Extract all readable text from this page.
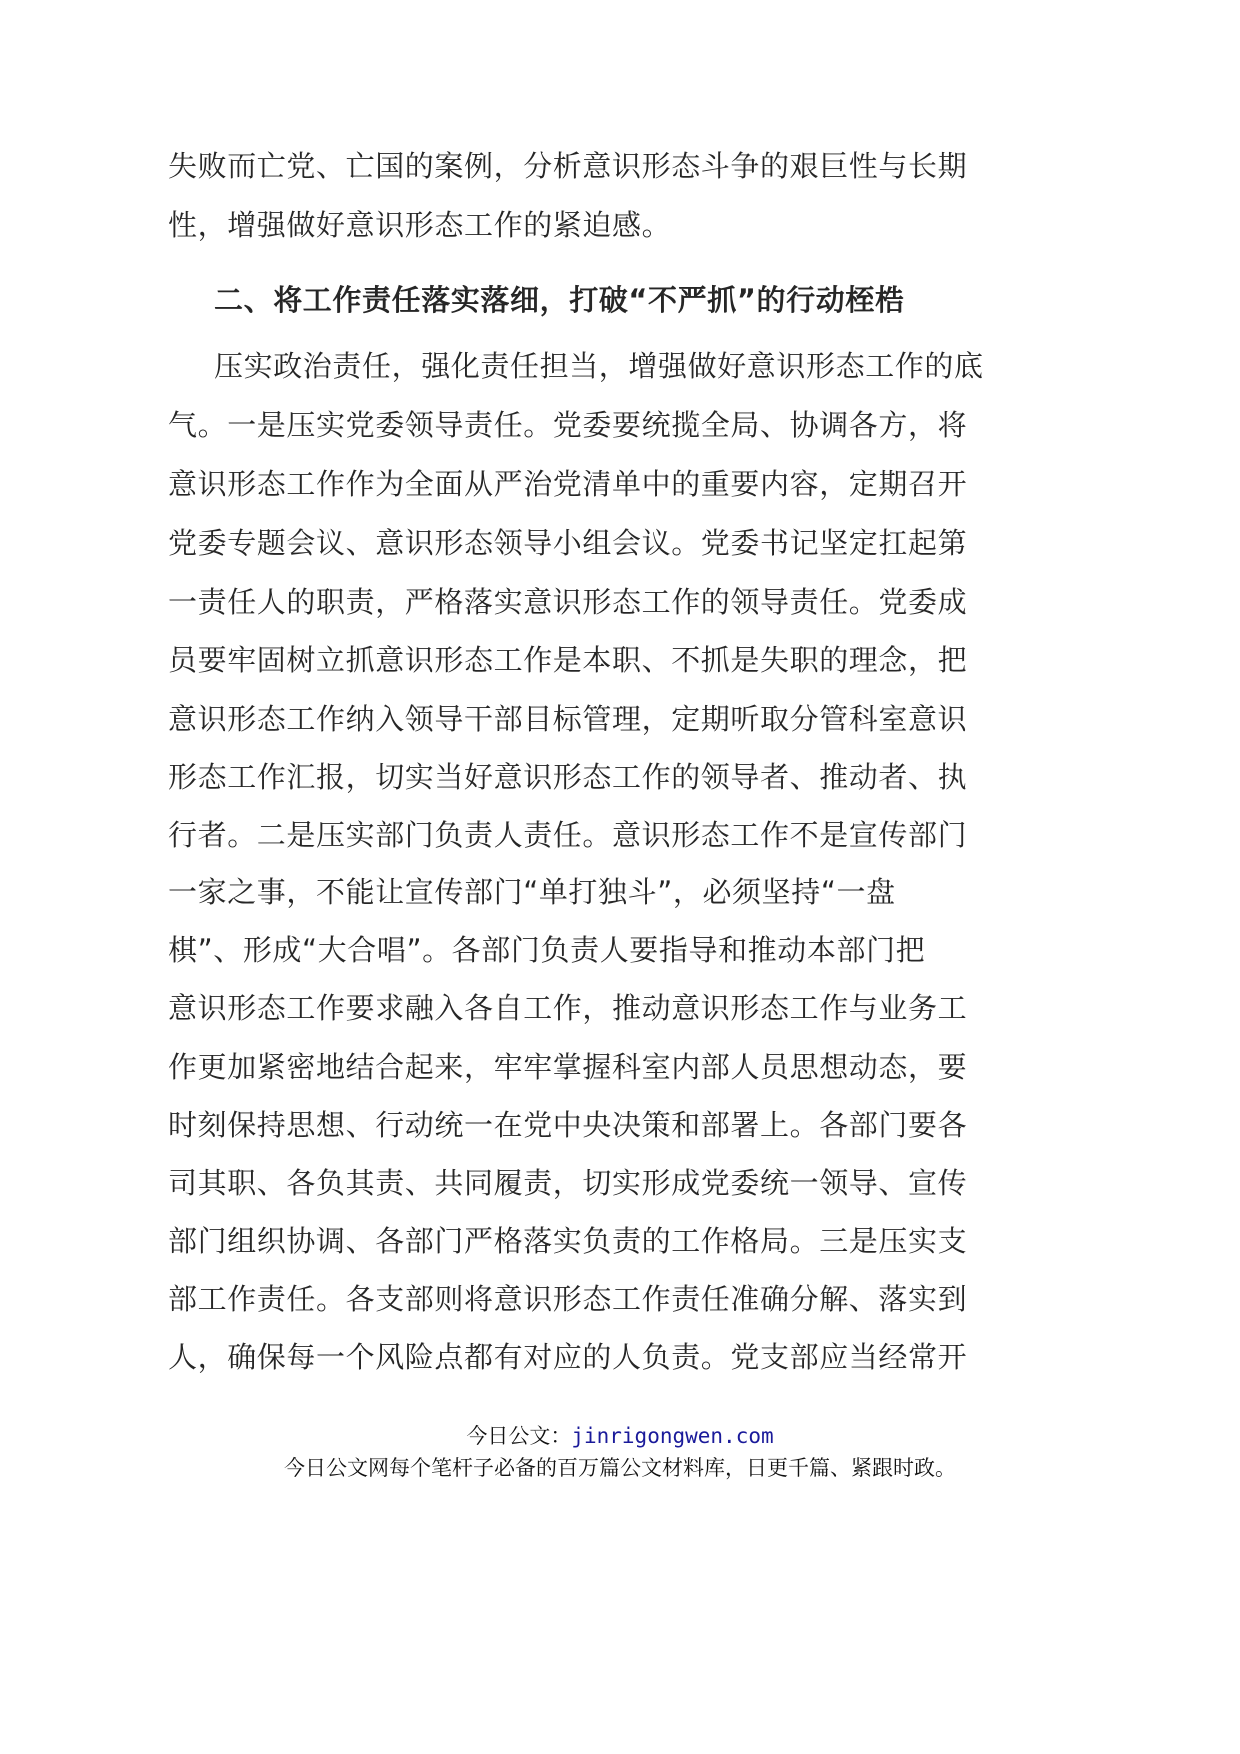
失败而亡党、亡国的案例，分析意识形态斗争的艰巨性与长期
性，增强做好意识形态工作的紧迫感。
二、将工作责任落实落细，打破“不严抓”的行动桎梏
压实政治责任，强化责任担当，增强做好意识形态工作的底
气。一是压实党委领导责任。党委要统揽全局、协调各方，将
意识形态工作作为全面从严治党清单中的重要内容，定期召开
党委专题会议、意识形态领导小组会议。党委书记坚定扛起第
一责任人的职责，严格落实意识形态工作的领导责任。党委成
员要牢固树立抓意识形态工作是本职、不抓是失职的理念，把
意识形态工作纳入领导干部目标管理，定期听取分管科室意识
形态工作汇报，切实当好意识形态工作的领导者、推动者、执
行者。二是压实部门负责人责任。意识形态工作不是宣传部门
一家之事，不能让宣传部门“单打独斗”，必须坚持“一盘
棋”、形成“大合唱”。各部门负责人要指导和推动本部门把
意识形态工作要求融入各自工作，推动意识形态工作与业务工
作更加紧密地结合起来，牢牢掌握科室内部人员思想动态，要
时刻保持思想、行动统一在党中央决策和部署上。各部门要各
司其职、各负其责、共同履责，切实形成党委统一领导、宣传
部门组织协调、各部门严格落实负责的工作格局。三是压实支
部工作责任。各支部则将意识形态工作责任准确分解、落实到
人，确保每一个风险点都有对应的人负责。党支部应当经常开
今日公文：jinrigongwen.com
今日公文网每个笔杆子必备的百万篇公文材料库，日更千篇、紧跟时政。
